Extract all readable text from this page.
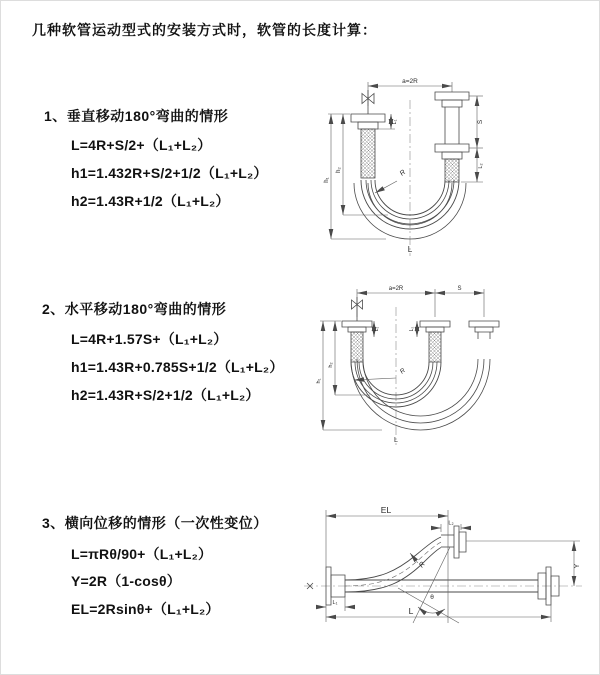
几种软管运动型式的安装方式时，软管的长度计算：
1、垂直移动180°弯曲的情形
L=4R+S/2+（L₁+L₂）
h1=1.432R+S/2+1/2（L₁+L₂）
h2=1.43R+1/2（L₁+L₂）
2、水平移动180°弯曲的情形
L=4R+1.57S+（L₁+L₂）
h1=1.43R+0.785S+1/2（L₁+L₂）
h2=1.43R+S/2+1/2（L₁+L₂）
3、横向位移的情形（一次性变位）
L=πRθ/90+（L₁+L₂）
Y=2R（1-cosθ）
EL=2Rsinθ+（L₁+L₂）
a=2R
R
L
h₁
h₂
L₁	S
L₂
a=2R	S
R
h₁
h₂
L₁	L₂
L
θ
R
EL
L₂
Y
L
L₁
